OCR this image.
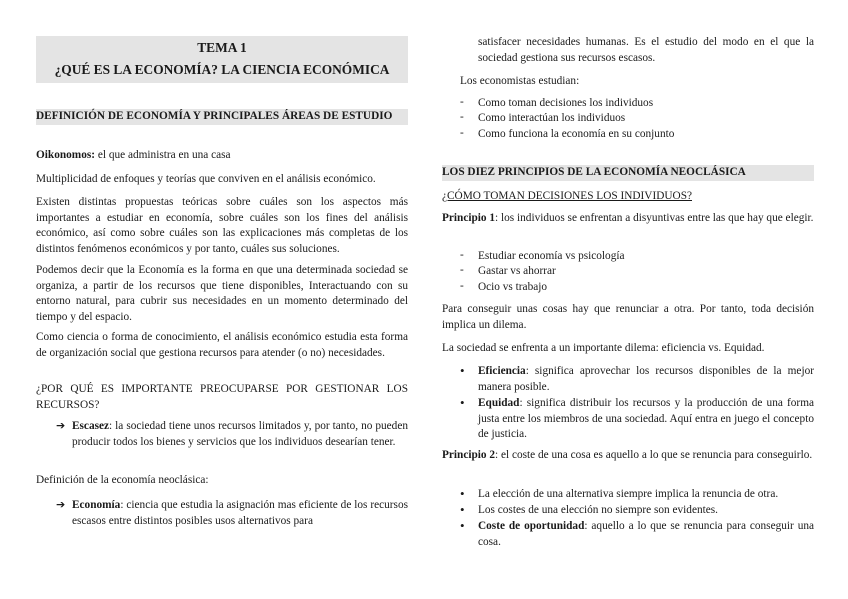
TEMA 1
¿QUÉ ES LA ECONOMÍA? LA CIENCIA ECONÓMICA
DEFINICIÓN DE ECONOMÍA Y PRINCIPALES ÁREAS DE ESTUDIO

Oikonomos: el que administra en una casa

Multiplicidad de enfoques y teorías que conviven en el análisis económico.

Existen distintas propuestas teóricas sobre cuáles son los aspectos más importantes a estudiar en economía, sobre cuáles son los fines del análisis económico, así como sobre cuáles son las explicaciones más completas de los distintos fenómenos económicos y por tanto, cuáles sus soluciones.

Podemos decir que la Economía es la forma en que una determinada sociedad se organiza, a partir de los recursos que tiene disponibles, Interactuando con su entorno natural, para cubrir sus necesidades en un momento determinado del tiempo y del espacio.

Como ciencia o forma de conocimiento, el análisis económico estudia esta forma de organización social que gestiona recursos para atender (o no) necesidades.

¿POR QUÉ ES IMPORTANTE PREOCUPARSE POR GESTIONAR LOS RECURSOS?

➔ Escasez: la sociedad tiene unos recursos limitados y, por tanto, no pueden producir todos los bienes y servicios que los individuos desearían tener.

Definición de la economía neoclásica:

➔ Economía: ciencia que estudia la asignación mas eficiente de los recursos escasos entre distintos posibles usos alternativos para

satisfacer necesidades humanas. Es el estudio del modo en el que la sociedad gestiona sus recursos escasos.

Los economistas estudian:

- Como toman decisiones los individuos

- Como interactúan los individuos

- Como funciona la economía en su conjunto

LOS DIEZ PRINCIPIOS DE LA ECONOMÍA NEOCLÁSICA

¿CÓMO TOMAN DECISIONES LOS INDIVIDUOS?

Principio 1: los individuos se enfrentan a disyuntivas entre las que hay que elegir.

- Estudiar economía vs psicología

- Gastar vs ahorrar

- Ocio vs trabajo

Para conseguir unas cosas hay que renunciar a otra. Por tanto, toda decisión implica un dilema.

La sociedad se enfrenta a un importante dilema: eficiencia vs. Equidad.

• Eficiencia: significa aprovechar los recursos disponibles de la mejor manera posible.

• Equidad: significa distribuir los recursos y la producción de una forma justa entre los miembros de una sociedad. Aquí entra en juego el concepto de justicia.

Principio 2: el coste de una cosa es aquello a lo que se renuncia para conseguirlo.

• La elección de una alternativa siempre implica la renuncia de otra.

• Los costes de una elección no siempre son evidentes.

• Coste de oportunidad: aquello a lo que se renuncia para conseguir una cosa.
